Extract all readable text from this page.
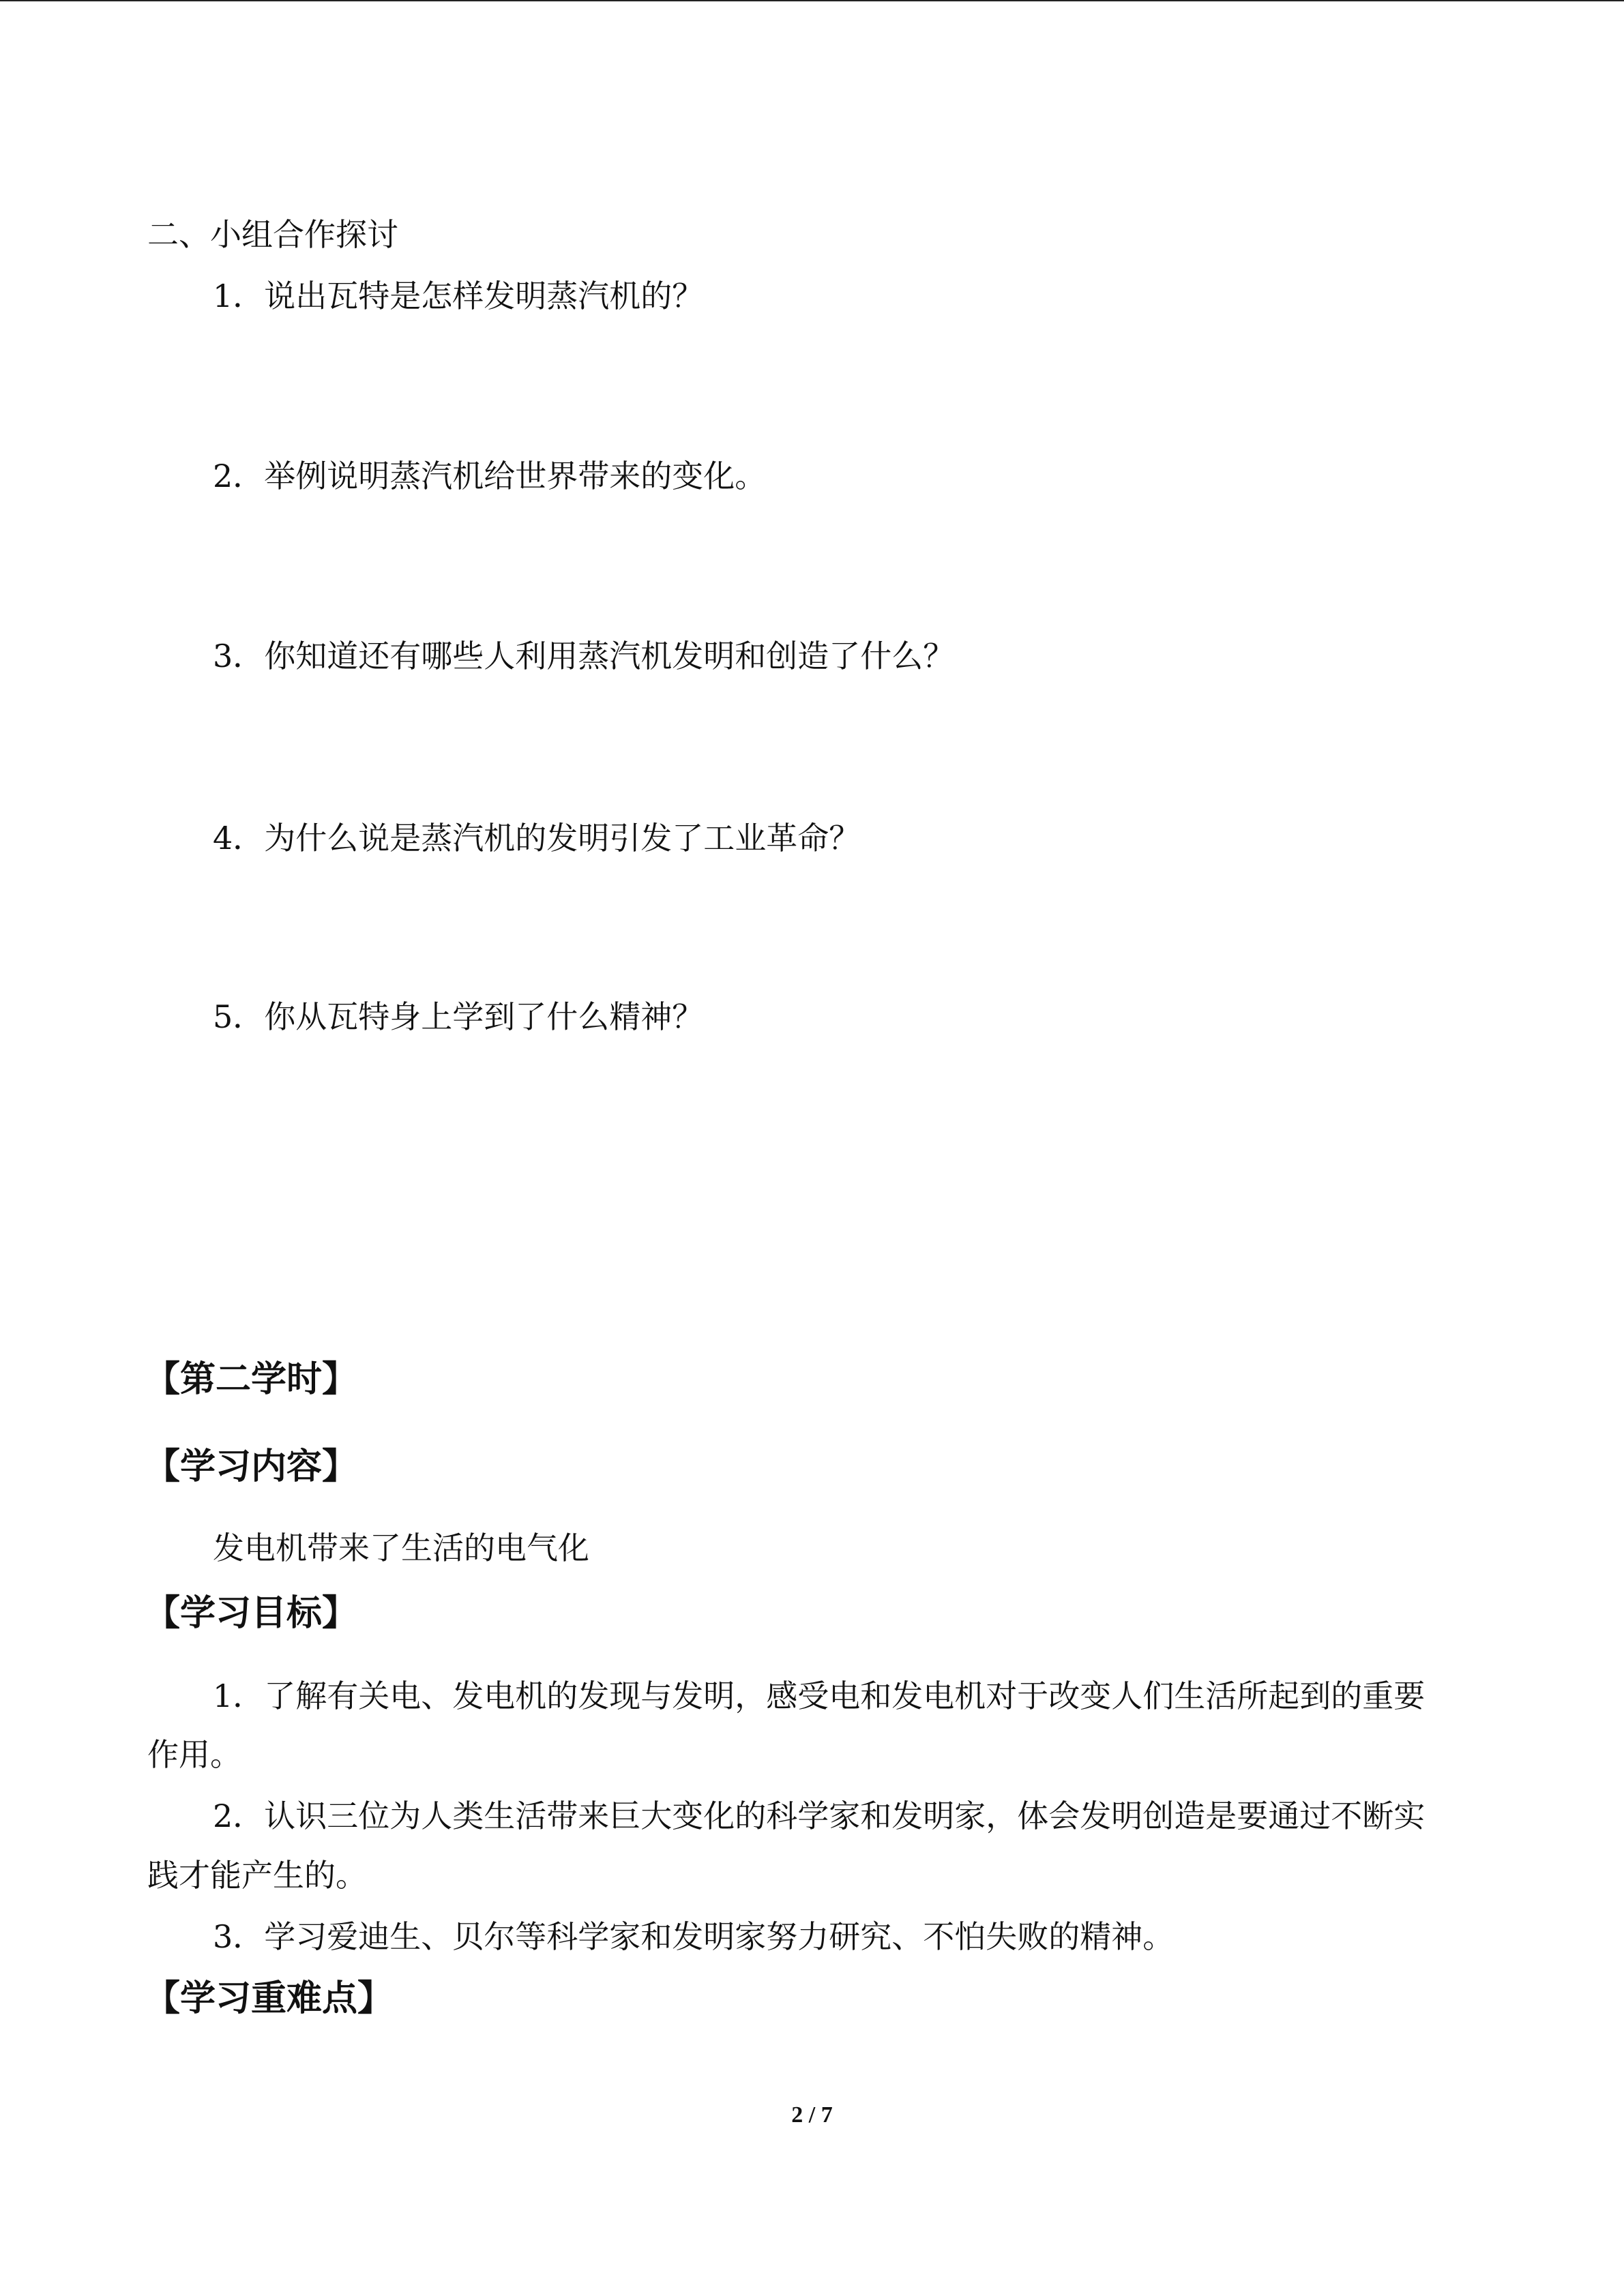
二、小组合作探讨
1．说出瓦特是怎样发明蒸汽机的？
2．举例说明蒸汽机给世界带来的变化。
3．你知道还有哪些人利用蒸汽机发明和创造了什么？
4．为什么说是蒸汽机的发明引发了工业革命？
5．你从瓦特身上学到了什么精神？
【第二学时】
【学习内容】
发电机带来了生活的电气化
【学习目标】
1．了解有关电、发电机的发现与发明，感受电和发电机对于改变人们生活所起到的重要
作用。
2．认识三位为人类生活带来巨大变化的科学家和发明家，体会发明创造是要通过不断实
践才能产生的。
3．学习爱迪生、贝尔等科学家和发明家努力研究、不怕失败的精神。
【学习重难点】
2 / 7
